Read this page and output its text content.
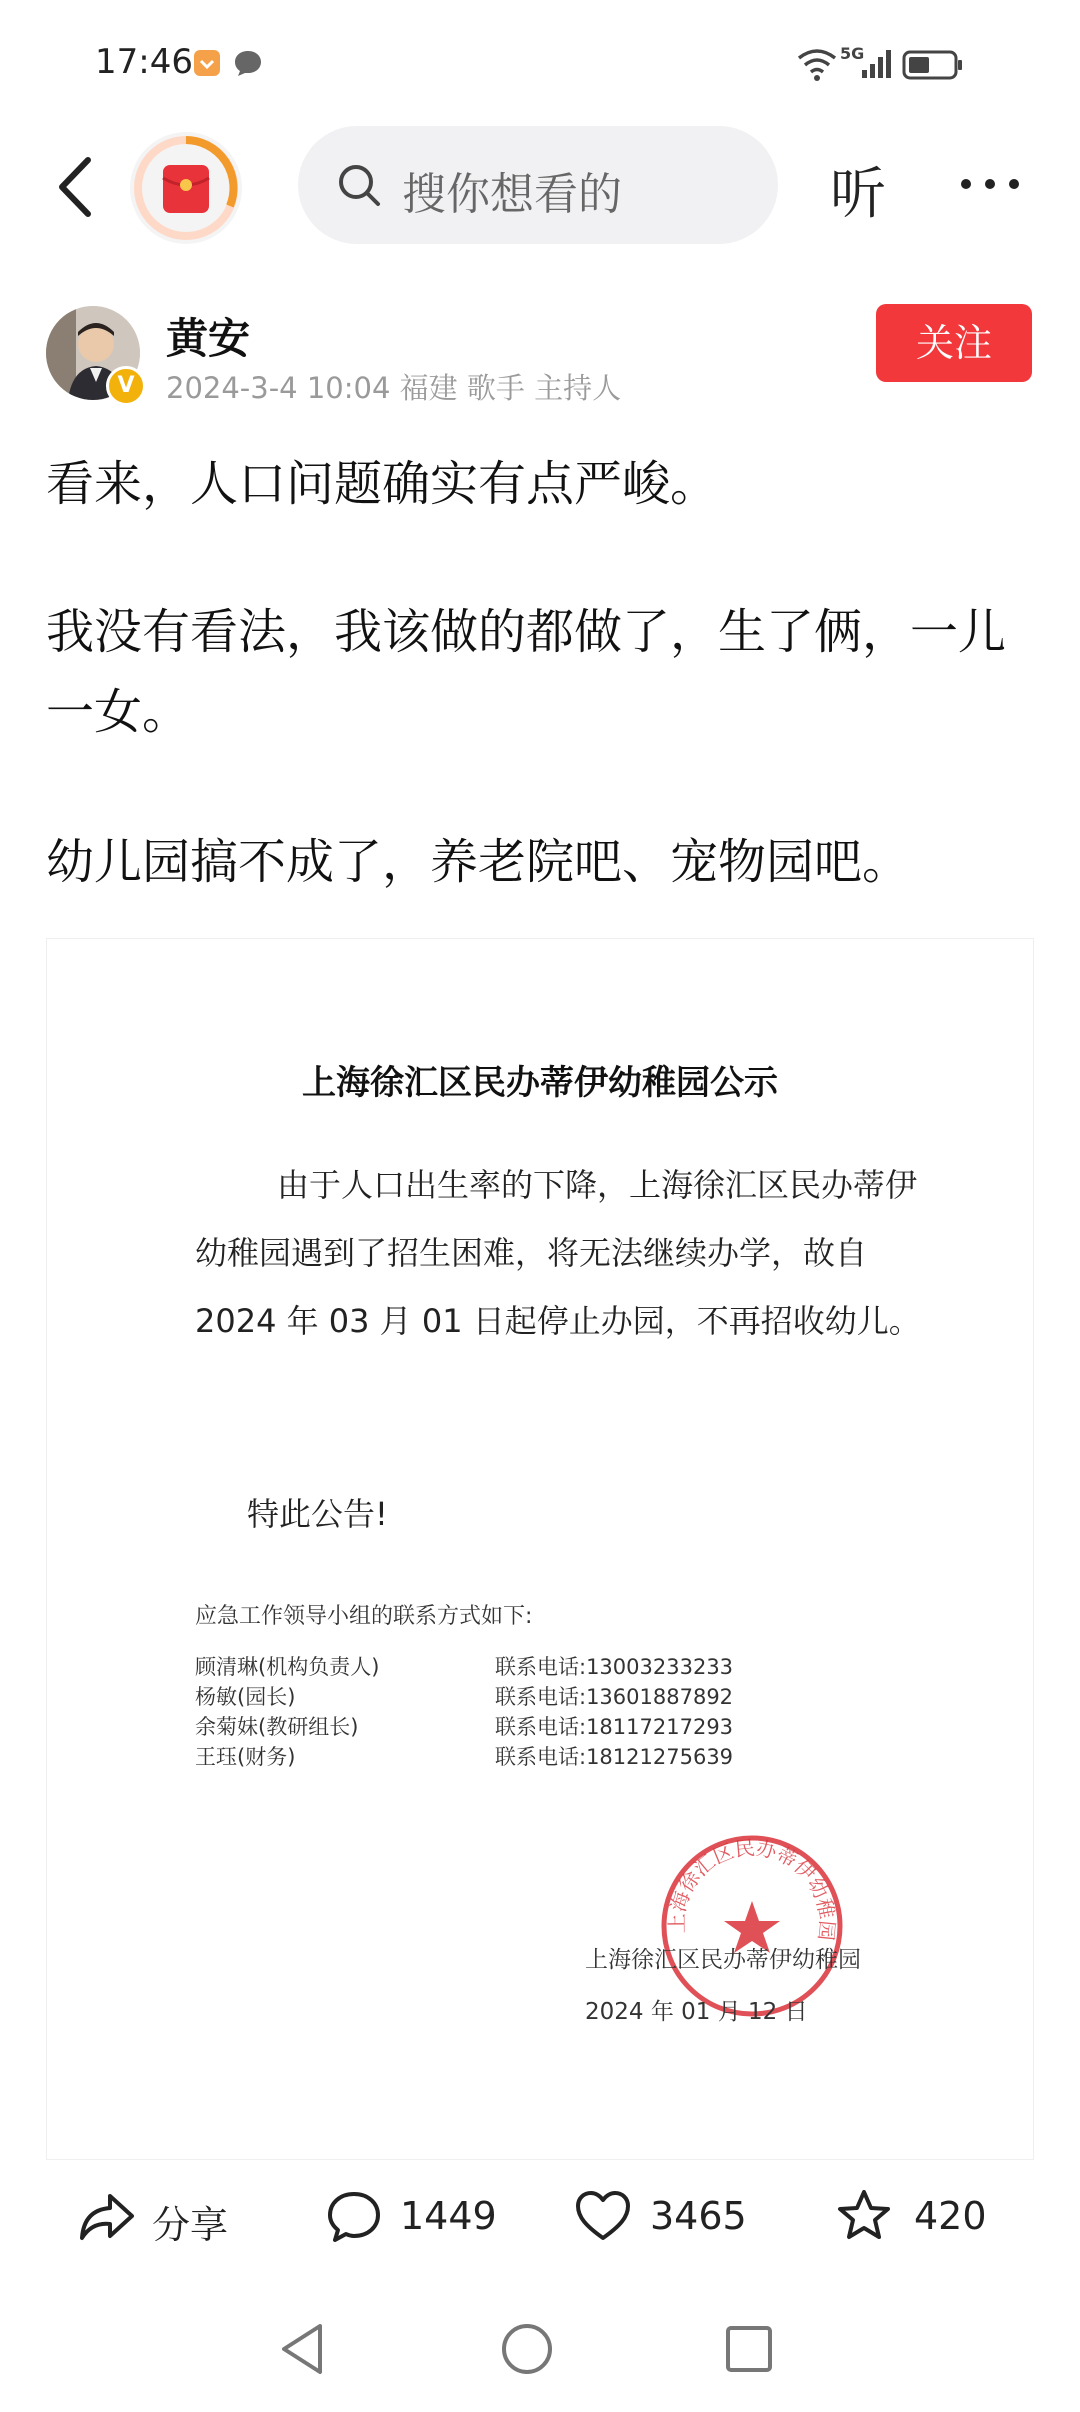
17:46	5G
搜你想看的	听
V
黄安
2024-3-4 10:04 福建 歌手 主持人
关注
看来，人口问题确实有点严峻。
我没有看法，我该做的都做了，生了俩，一儿一女。
幼儿园搞不成了，养老院吧、宠物园吧。
上海徐汇区民办蒂伊幼稚园公示
由于人口出生率的下降，上海徐汇区民办蒂伊幼稚园遇到了招生困难，将无法继续办学，故自 2024 年 03 月 01 日起停止办园，不再招收幼儿。
特此公告!
应急工作领导小组的联系方式如下:
顾清琳(机构负责人)	联系电话:13003233233
杨敏(园长)	联系电话:13601887892
余菊妹(教研组长)	联系电话:18117217293
王珏(财务)	联系电话:18121275639
上海徐汇区民办蒂伊幼稚园
上海徐汇区民办蒂伊幼稚园
2024 年 01 月 12 日
分享	1449	3465	420
